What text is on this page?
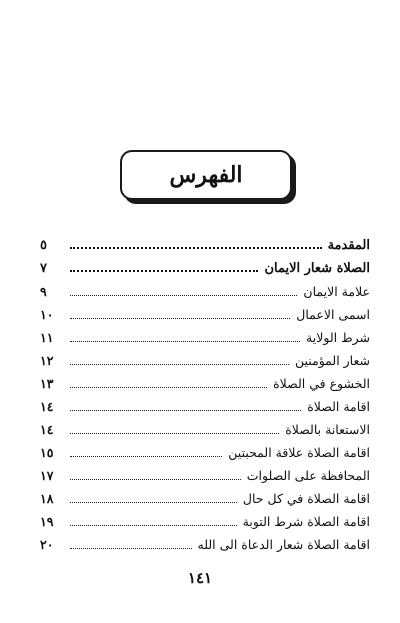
الفهرس
المقدمة
٥
الصلاة شعار الايمان
٧
علامة الايمان
٩
اسمى الاعمال
١٠
شرط الولاية
١١
شعار المؤمنين
١٢
الخشوع في الصلاة
١٣
اقامة الصلاة
١٤
الاستعانة بالصلاة
١٤
اقامة الصلاة علاقة المحبتين
١٥
المحافظة على الصلوات
١٧
اقامة الصلاة في كل حال
١٨
اقامة الصلاة شرط التوبة
١٩
اقامة الصلاة شعار الدعاة الى الله
٢٠
١٤١
